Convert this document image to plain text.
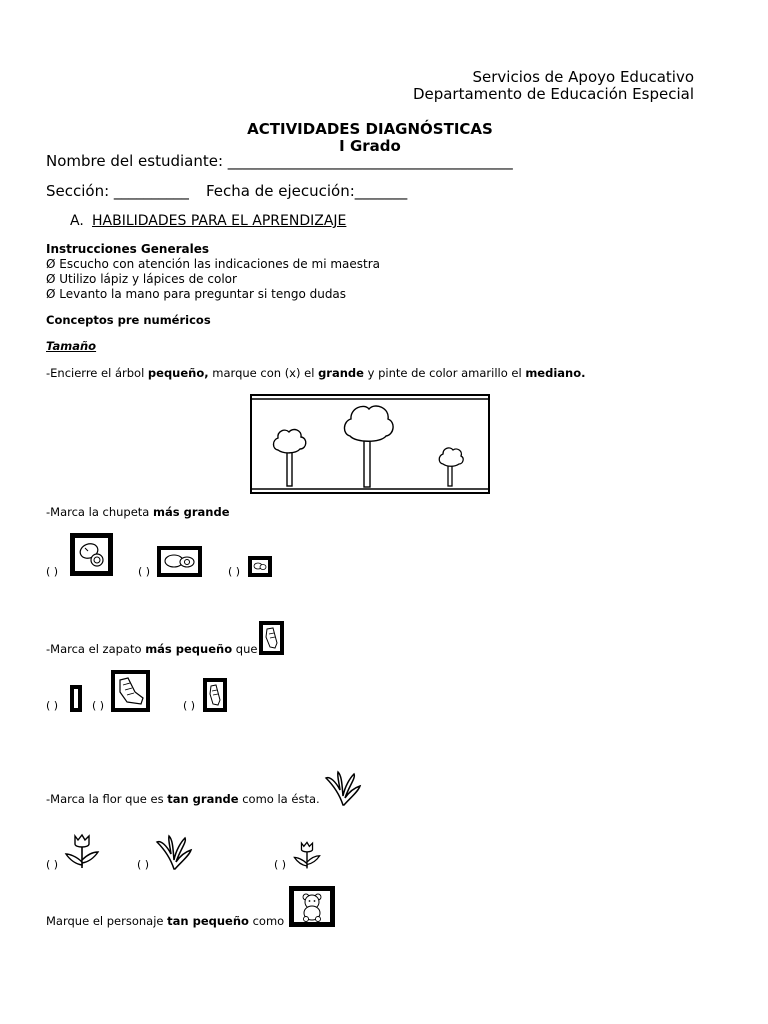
Servicios de Apoyo Educativo
Departamento de Educación Especial
ACTIVIDADES DIAGNÓSTICAS
I Grado
Nombre del estudiante: ______________________________________
Sección: __________ Fecha de ejecución:_______
A. HABILIDADES PARA EL APRENDIZAJE
Instrucciones Generales
Ø Escucho con atención las indicaciones de mi maestra
Ø Utilizo lápiz y lápices de color
Ø Levanto la mano para preguntar si tengo dudas
Conceptos pre numéricos
Tamaño
-Encierre el árbol pequeño, marque con (x) el grande y pinte de color amarillo el mediano.
-Marca la chupeta más grande
( )	( )	( )
-Marca el zapato más pequeño que
( )	( )	( )
-Marca la flor que es tan grande como la ésta.
( )	( )	( )
Marque el personaje tan pequeño como
